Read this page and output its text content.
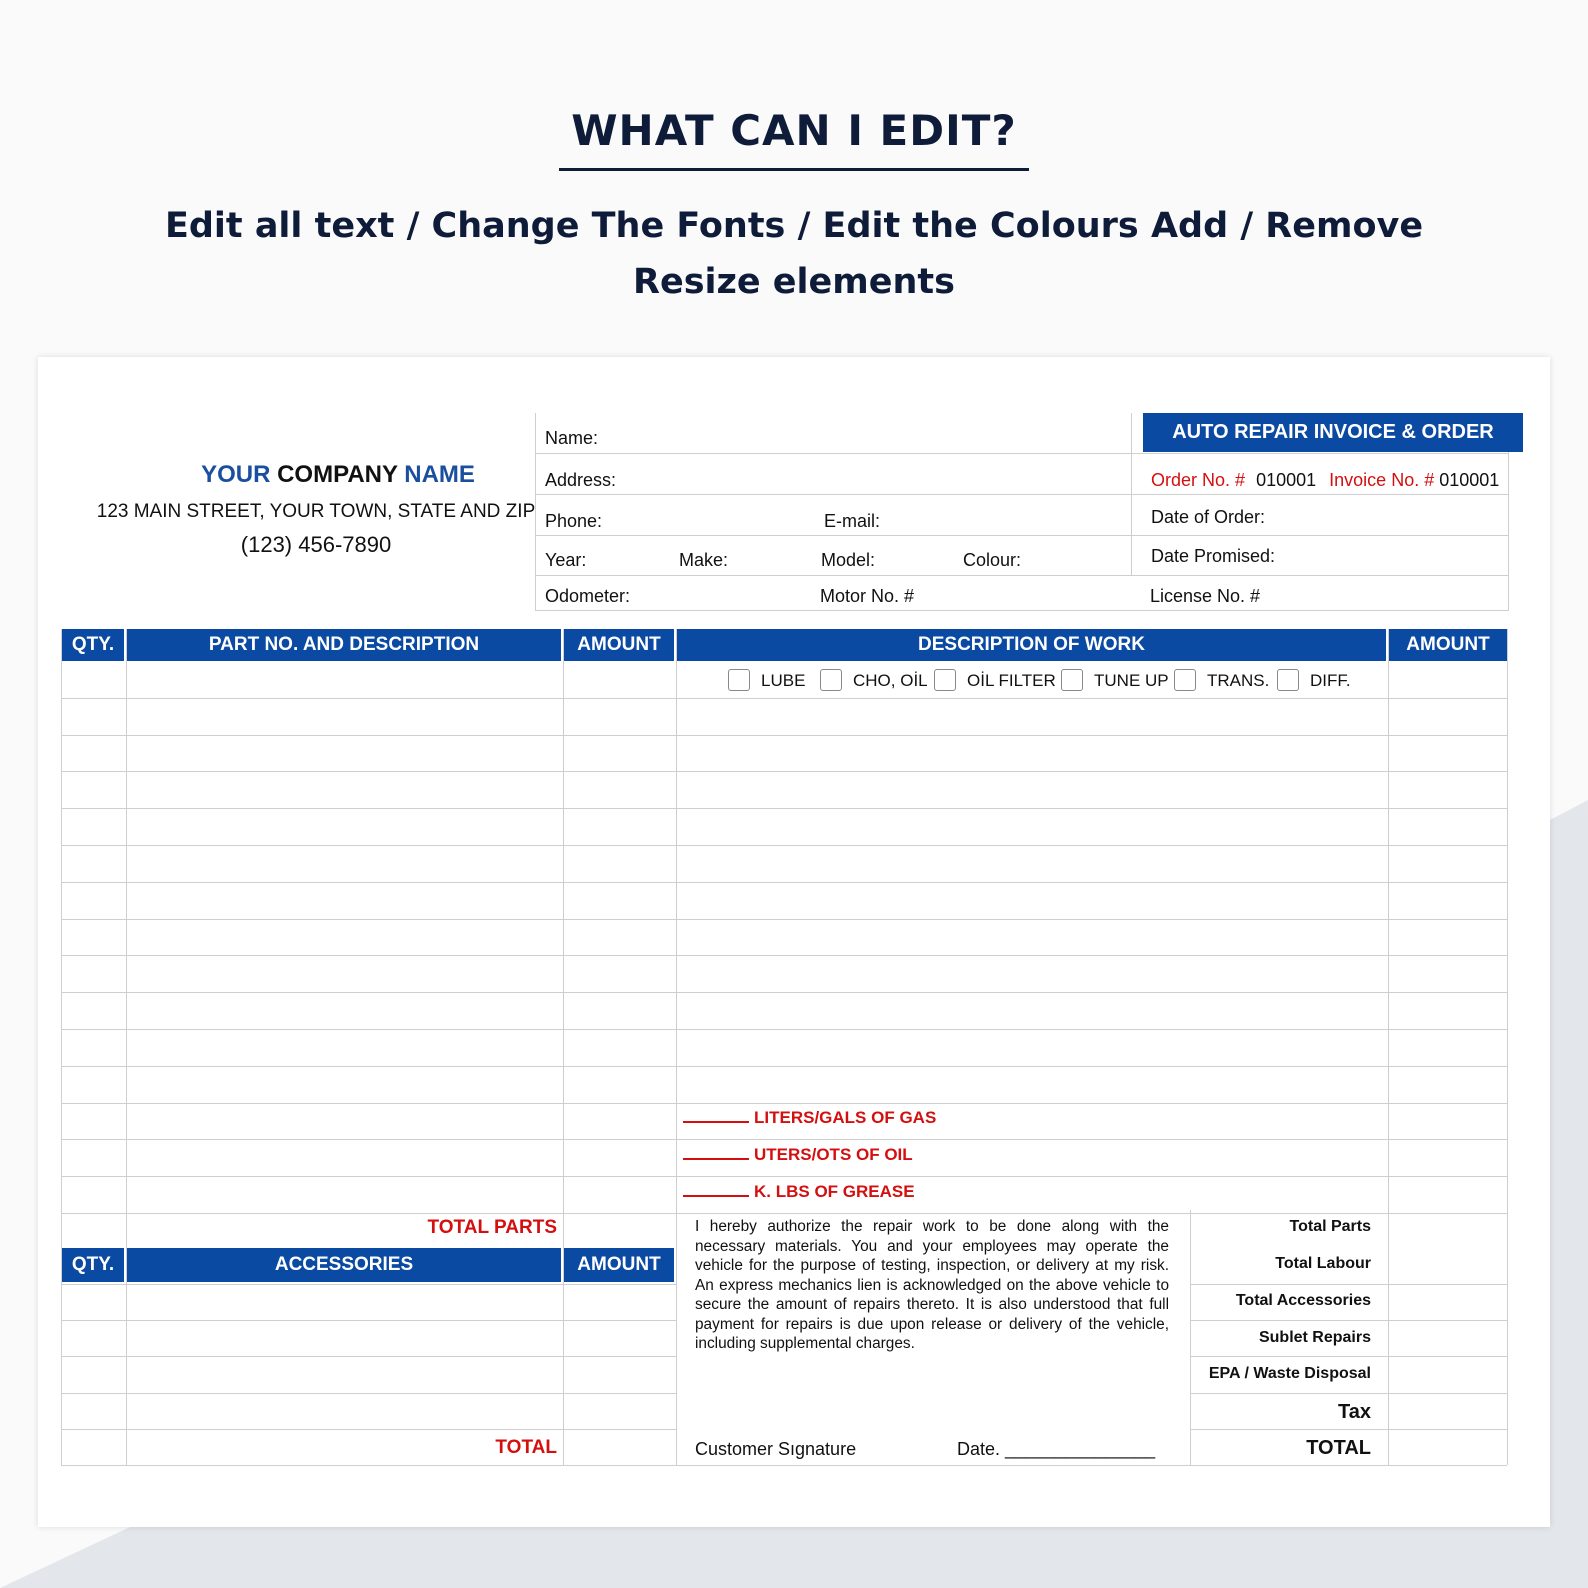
WHAT CAN I EDIT?
Edit all text / Change The Fonts / Edit the Colours Add / Remove
Resize elements
YOUR COMPANY NAME
123 MAIN STREET, YOUR TOWN, STATE AND ZIP
(123) 456-7890
Name:
Address:
Phone:	E-mail:
Year:	Make:	Model:	Colour:
Odometer:	Motor No. #	License No. #
AUTO REPAIR INVOICE & ORDER
Order No. # 010001 Invoice No. # 010001
Date of Order:
Date Promised:
QTY.	PART NO. AND DESCRIPTION	AMOUNT	DESCRIPTION OF WORK	AMOUNT
LUBE	CHO, OİL OİL FILTER TUNE UP TRANS. DIFF.
LITERS/GALS OF GAS
UTERS/OTS OF OIL
K. LBS OF GREASE
TOTAL PARTS
QTY.	ACCESSORIES	AMOUNT
TOTAL
I hereby authorize the repair work to be done along with the necessary materials. You and your employees may operate the vehicle for the purpose of testing, inspection, or delivery at my risk. An express mechanics lien is acknowledged on the above vehicle to secure the amount of repairs thereto. It is also understood that full payment for repairs is due upon release or delivery of the vehicle, including supplemental charges.
Customer Sıgnature	Date. _______________
Total Parts
Total Labour
Total Accessories
Sublet Repairs
EPA / Waste Disposal
Tax
TOTAL
